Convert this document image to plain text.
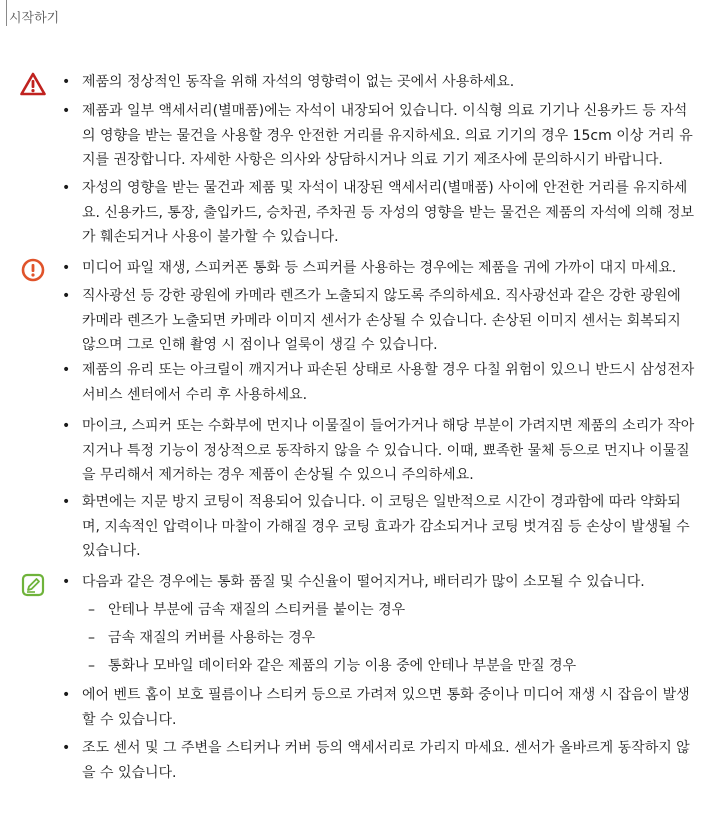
시작하기
• 제품의 정상적인 동작을 위해 자석의 영향력이 없는 곳에서 사용하세요.
• 제품과 일부 액세서리(별매품)에는 자석이 내장되어 있습니다. 이식형 의료 기기나 신용카드 등 자석의 영향을 받는 물건을 사용할 경우 안전한 거리를 유지하세요. 의료 기기의 경우 15cm 이상 거리 유지를 권장합니다. 자세한 사항은 의사와 상담하시거나 의료 기기 제조사에 문의하시기 바랍니다.
• 자성의 영향을 받는 물건과 제품 및 자석이 내장된 액세서리(별매품) 사이에 안전한 거리를 유지하세요. 신용카드, 통장, 출입카드, 승차권, 주차권 등 자성의 영향을 받는 물건은 제품의 자석에 의해 정보가 훼손되거나 사용이 불가할 수 있습니다.
• 미디어 파일 재생, 스피커폰 통화 등 스피커를 사용하는 경우에는 제품을 귀에 가까이 대지 마세요.
• 직사광선 등 강한 광원에 카메라 렌즈가 노출되지 않도록 주의하세요. 직사광선과 같은 강한 광원에 카메라 렌즈가 노출되면 카메라 이미지 센서가 손상될 수 있습니다. 손상된 이미지 센서는 회복되지 않으며 그로 인해 촬영 시 점이나 얼룩이 생길 수 있습니다.
• 제품의 유리 또는 아크릴이 깨지거나 파손된 상태로 사용할 경우 다칠 위험이 있으니 반드시 삼성전자 서비스 센터에서 수리 후 사용하세요.
• 마이크, 스피커 또는 수화부에 먼지나 이물질이 들어가거나 해당 부분이 가려지면 제품의 소리가 작아지거나 특정 기능이 정상적으로 동작하지 않을 수 있습니다. 이때, 뾰족한 물체 등으로 먼지나 이물질을 무리해서 제거하는 경우 제품이 손상될 수 있으니 주의하세요.
• 화면에는 지문 방지 코팅이 적용되어 있습니다. 이 코팅은 일반적으로 시간이 경과함에 따라 약화되며, 지속적인 압력이나 마찰이 가해질 경우 코팅 효과가 감소되거나 코팅 벗겨짐 등 손상이 발생될 수 있습니다.
• 다음과 같은 경우에는 통화 품질 및 수신율이 떨어지거나, 배터리가 많이 소모될 수 있습니다.
– 안테나 부분에 금속 재질의 스티커를 붙이는 경우
– 금속 재질의 커버를 사용하는 경우
– 통화나 모바일 데이터와 같은 제품의 기능 이용 중에 안테나 부분을 만질 경우
• 에어 벤트 홈이 보호 필름이나 스티커 등으로 가려져 있으면 통화 중이나 미디어 재생 시 잡음이 발생할 수 있습니다.
• 조도 센서 및 그 주변을 스티커나 커버 등의 액세서리로 가리지 마세요. 센서가 올바르게 동작하지 않을 수 있습니다.
